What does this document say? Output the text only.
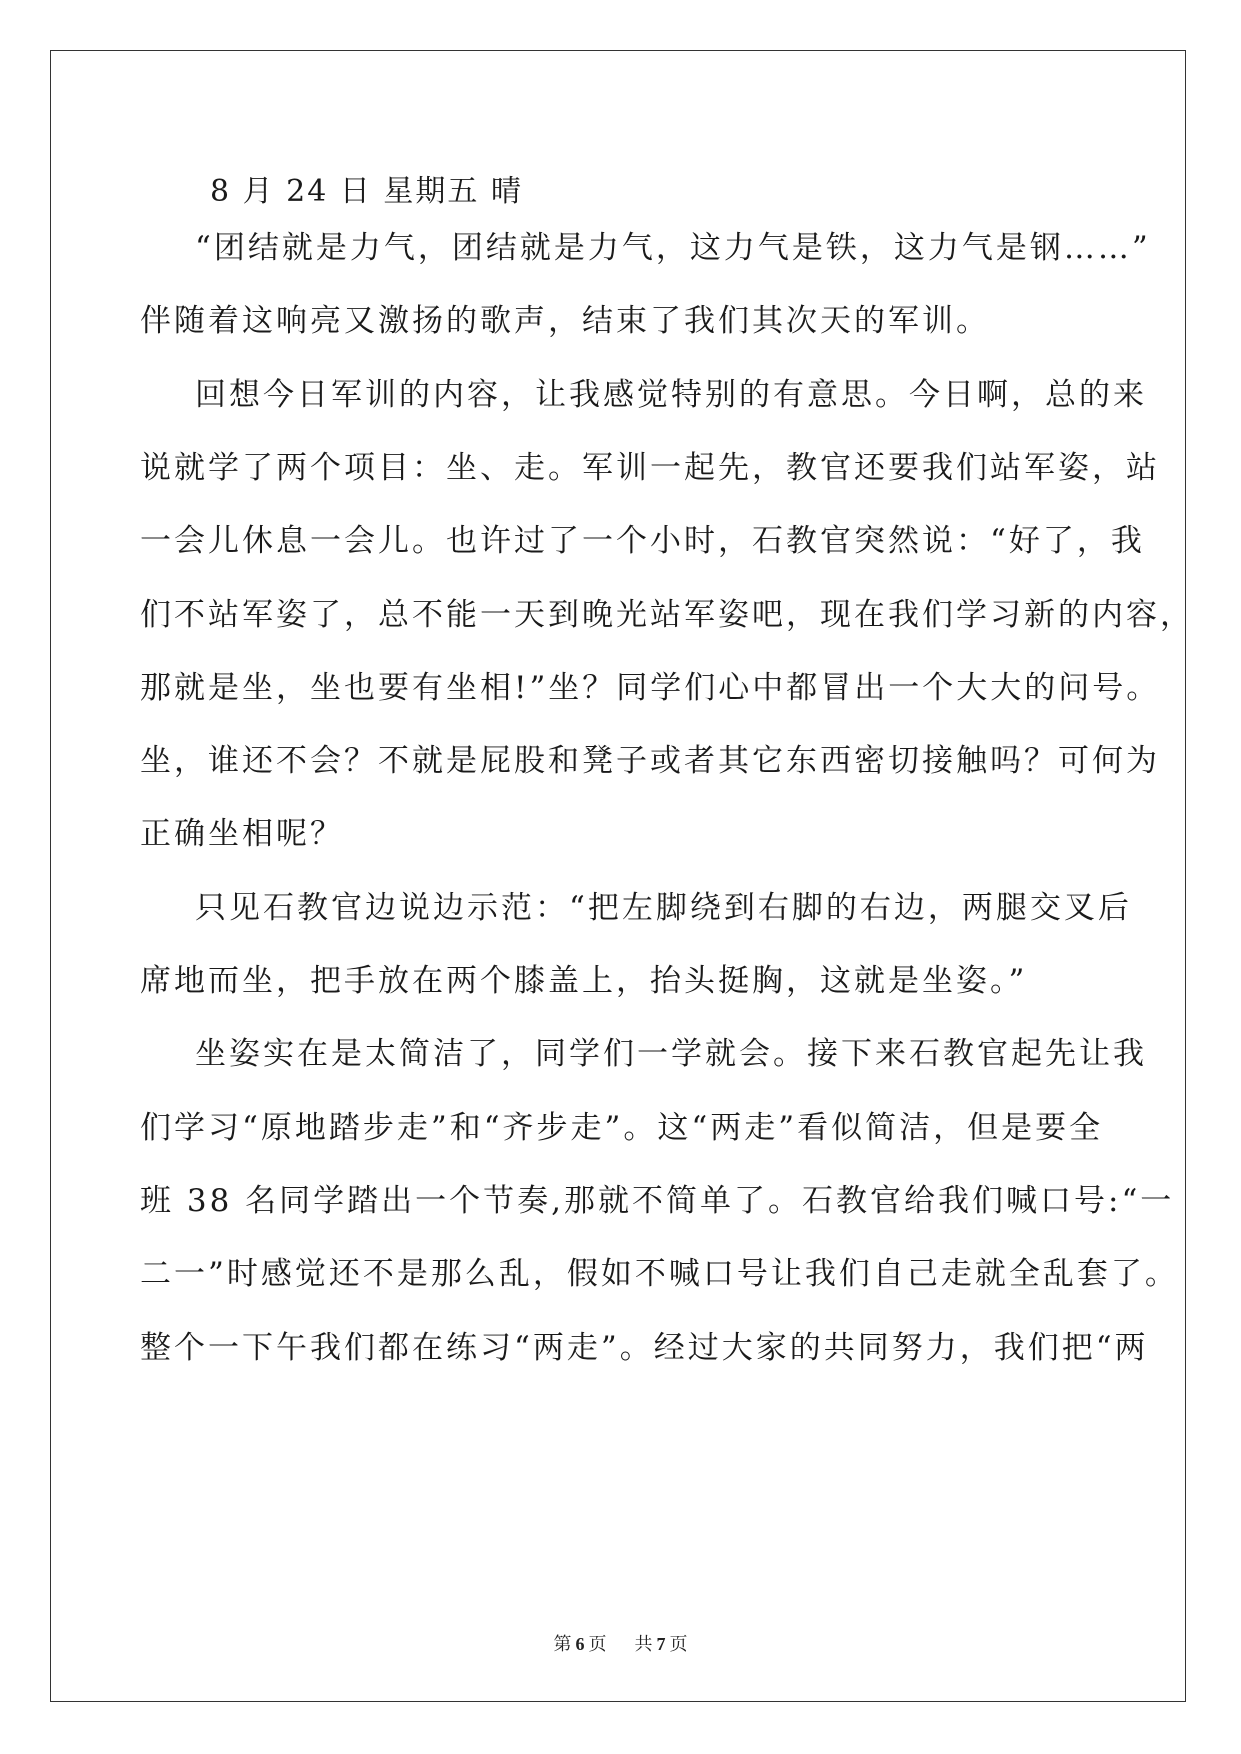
8 月 24 日 星期五 晴
“团结就是力气，团结就是力气，这力气是铁，这力气是钢……”
伴随着这响亮又激扬的歌声，结束了我们其次天的军训。
回想今日军训的内容，让我感觉特别的有意思。今日啊，总的来
说就学了两个项目：坐、走。军训一起先，教官还要我们站军姿，站
一会儿休息一会儿。也许过了一个小时，石教官突然说：“好了，我
们不站军姿了，总不能一天到晚光站军姿吧，现在我们学习新的内容，
那就是坐，坐也要有坐相!”坐？同学们心中都冒出一个大大的问号。
坐，谁还不会？不就是屁股和凳子或者其它东西密切接触吗？可何为
正确坐相呢？
只见石教官边说边示范：“把左脚绕到右脚的右边，两腿交叉后
席地而坐，把手放在两个膝盖上，抬头挺胸，这就是坐姿。”
坐姿实在是太简洁了，同学们一学就会。接下来石教官起先让我
们学习“原地踏步走”和“齐步走”。这“两走”看似简洁，但是要全
班 38 名同学踏出一个节奏,那就不简单了。石教官给我们喊口号:“一
二一”时感觉还不是那么乱，假如不喊口号让我们自己走就全乱套了。
整个一下午我们都在练习“两走”。经过大家的共同努力，我们把“两
第 6 页 共 7 页
